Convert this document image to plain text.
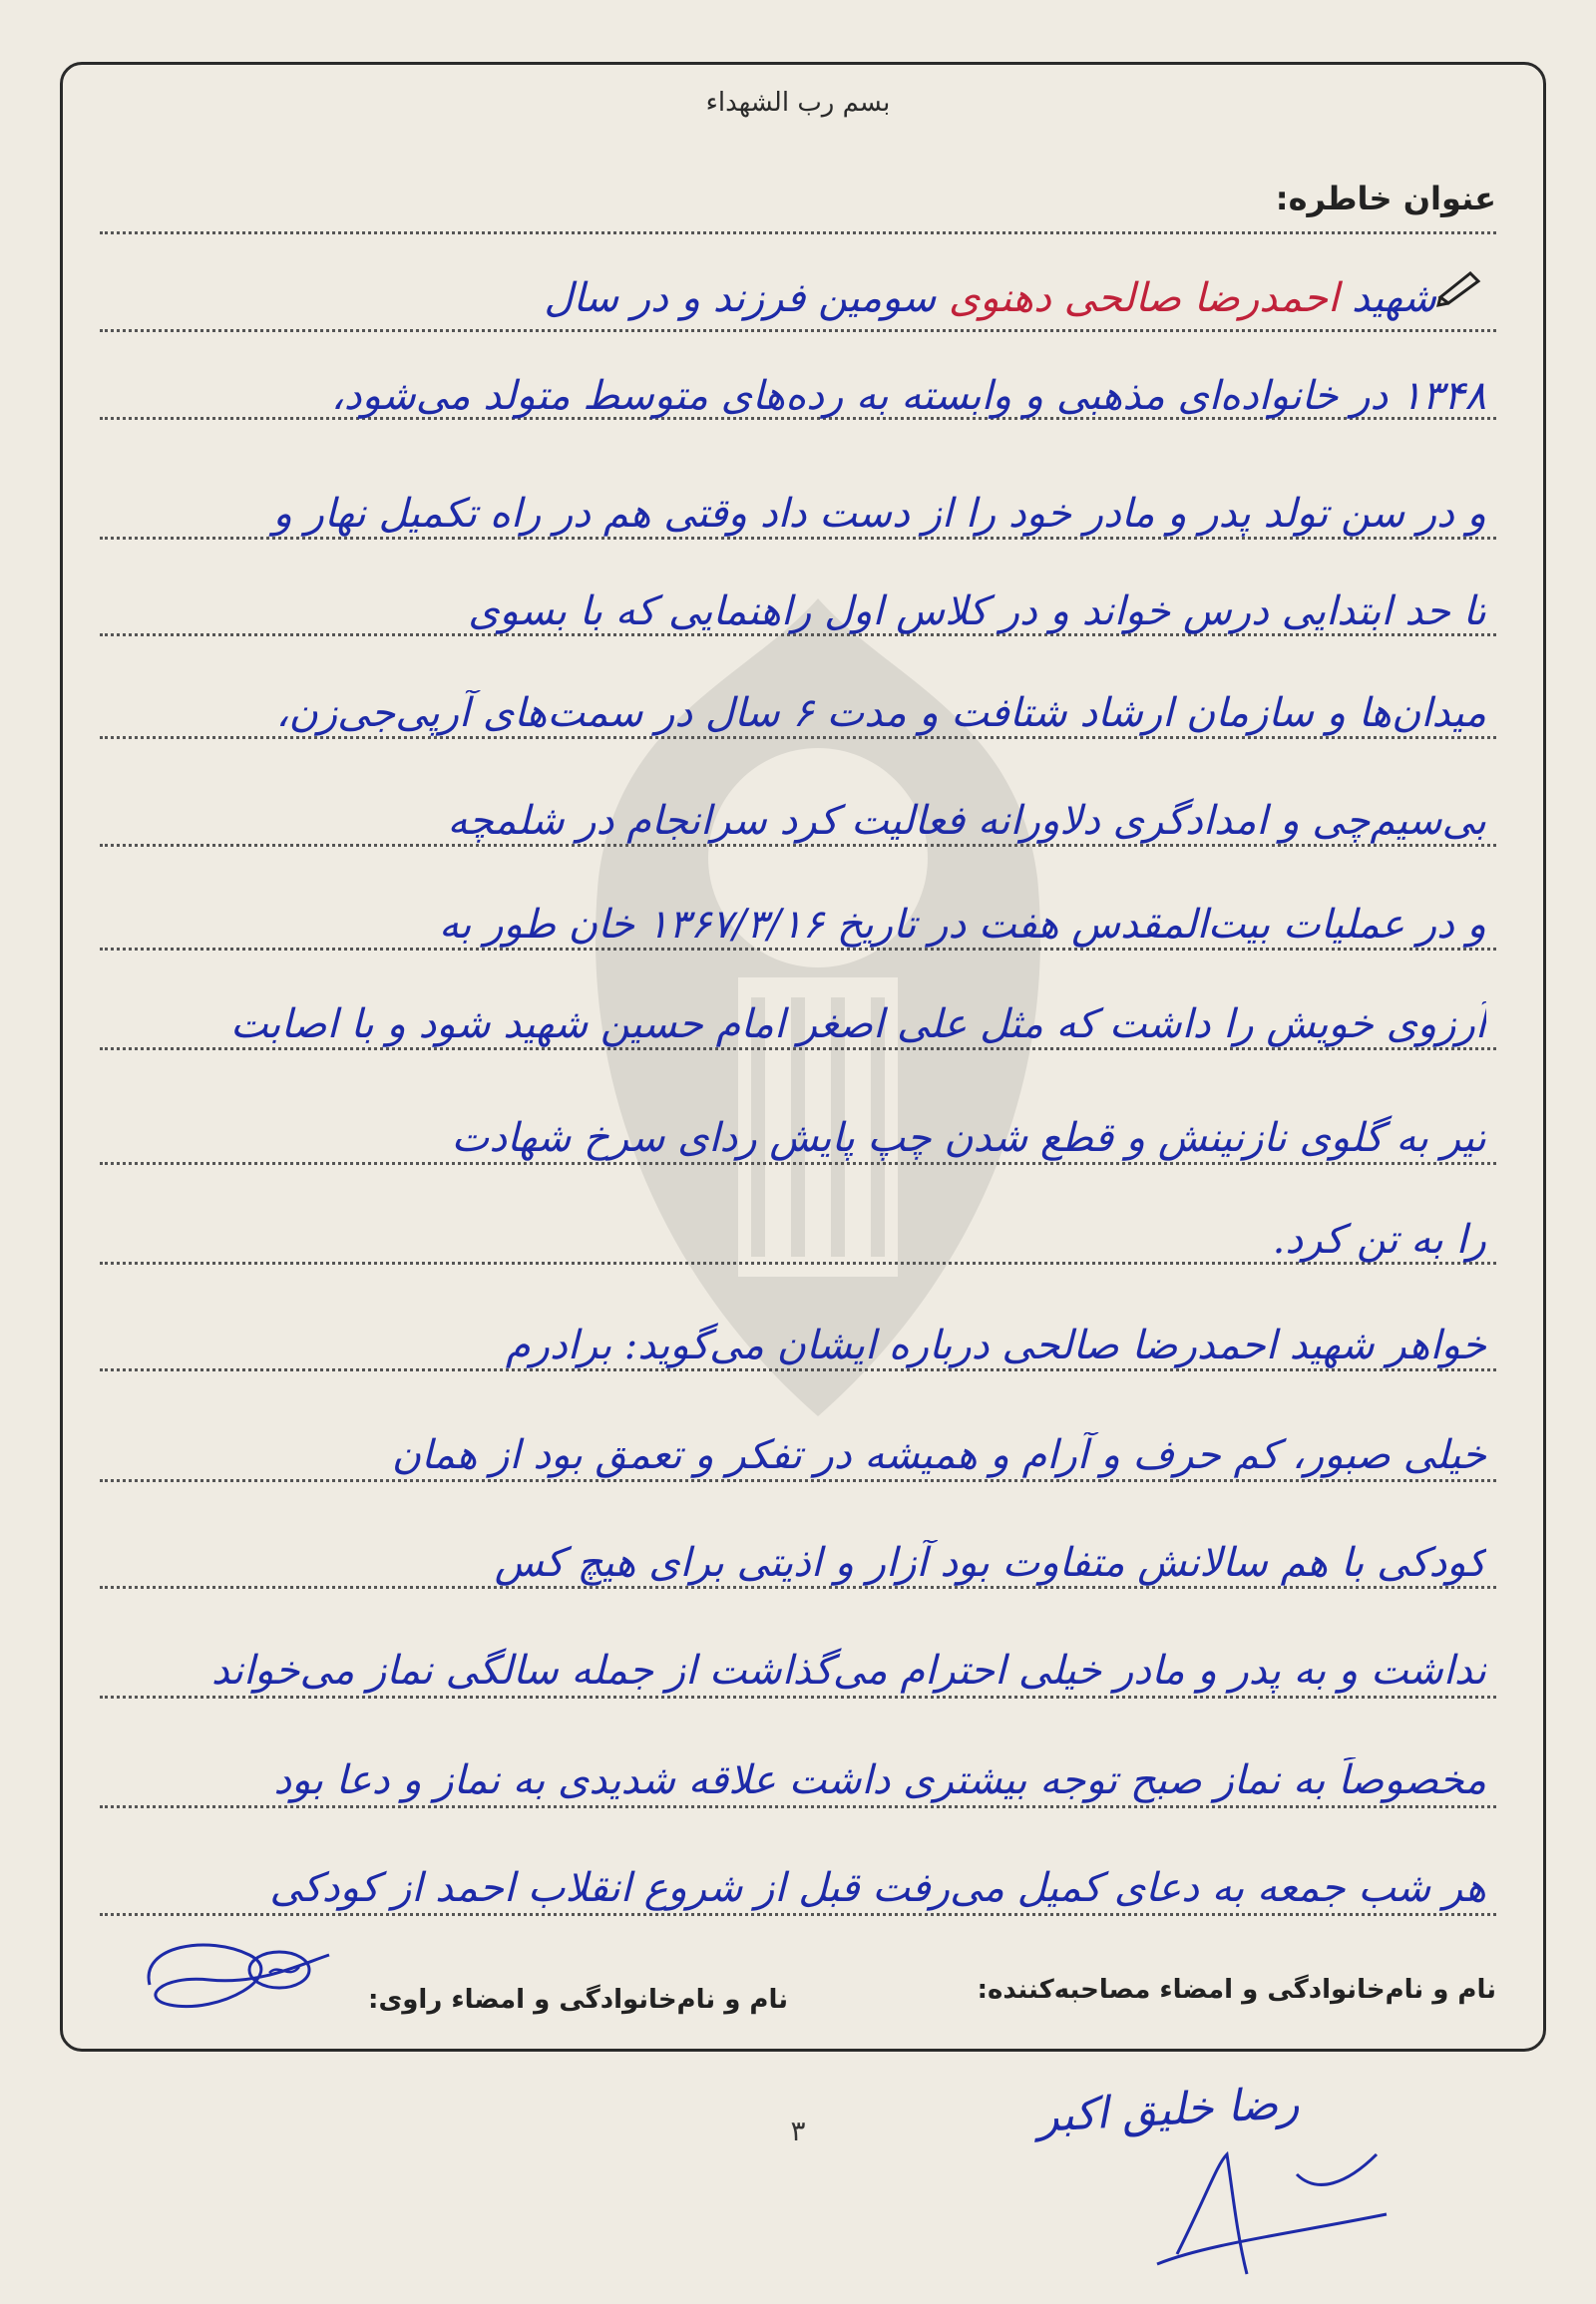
بسم رب الشهداء
عنوان خاطره:
شهید احمدرضا صالحی دهنوی سومین فرزند و در سال
۱۳۴۸ در خانواده‌ای مذهبی و وابسته به رده‌های متوسط متولد می‌شود،
و در سن تولد پدر و مادر خود را از دست داد وقتی هم در راه تکمیل نهار و
تا حد ابتدایی درس خواند و در کلاس اول راهنمایی که با بسوی
میدان‌ها و سازمان ارشاد شتافت و مدت ۶ سال در سمت‌های آرپی‌جی‌زن،
بی‌سیم‌چی و امدادگری دلاورانه فعالیت کرد سرانجام در شلمچه
و در عملیات بیت‌المقدس هفت در تاریخ ۱۳۶۷/۳/۱۶ خان طور به
آرزوی خویش را داشت که مثل علی اصغر امام حسین شهید شود و با اصابت
تیر به گلوی نازنینش و قطع شدن چپ پایش ردای سرخ شهادت
را به تن کرد.
خواهر شهید احمدرضا صالحی درباره ایشان می‌گوید: برادرم
خیلی صبور، کم حرف و آرام و همیشه در تفکر و تعمق بود از همان
کودکی با هم سالانش متفاوت بود آزار و اذیتی برای هیچ کس
نداشت و به پدر و مادر خیلی احترام می‌گذاشت از جمله سالگی نماز می‌خواند
مخصوصاً به نماز صبح توجه بیشتری داشت علاقه شدیدی به نماز و دعا بود
هر شب جمعه به دعای کمیل می‌رفت قبل از شروع انقلاب احمد از کودکی
نام و نام‌خانوادگی و امضاء مصاحبه‌کننده:
نام و نام‌خانوادگی و امضاء راوی:
رضا خلیق اکبر
۳
